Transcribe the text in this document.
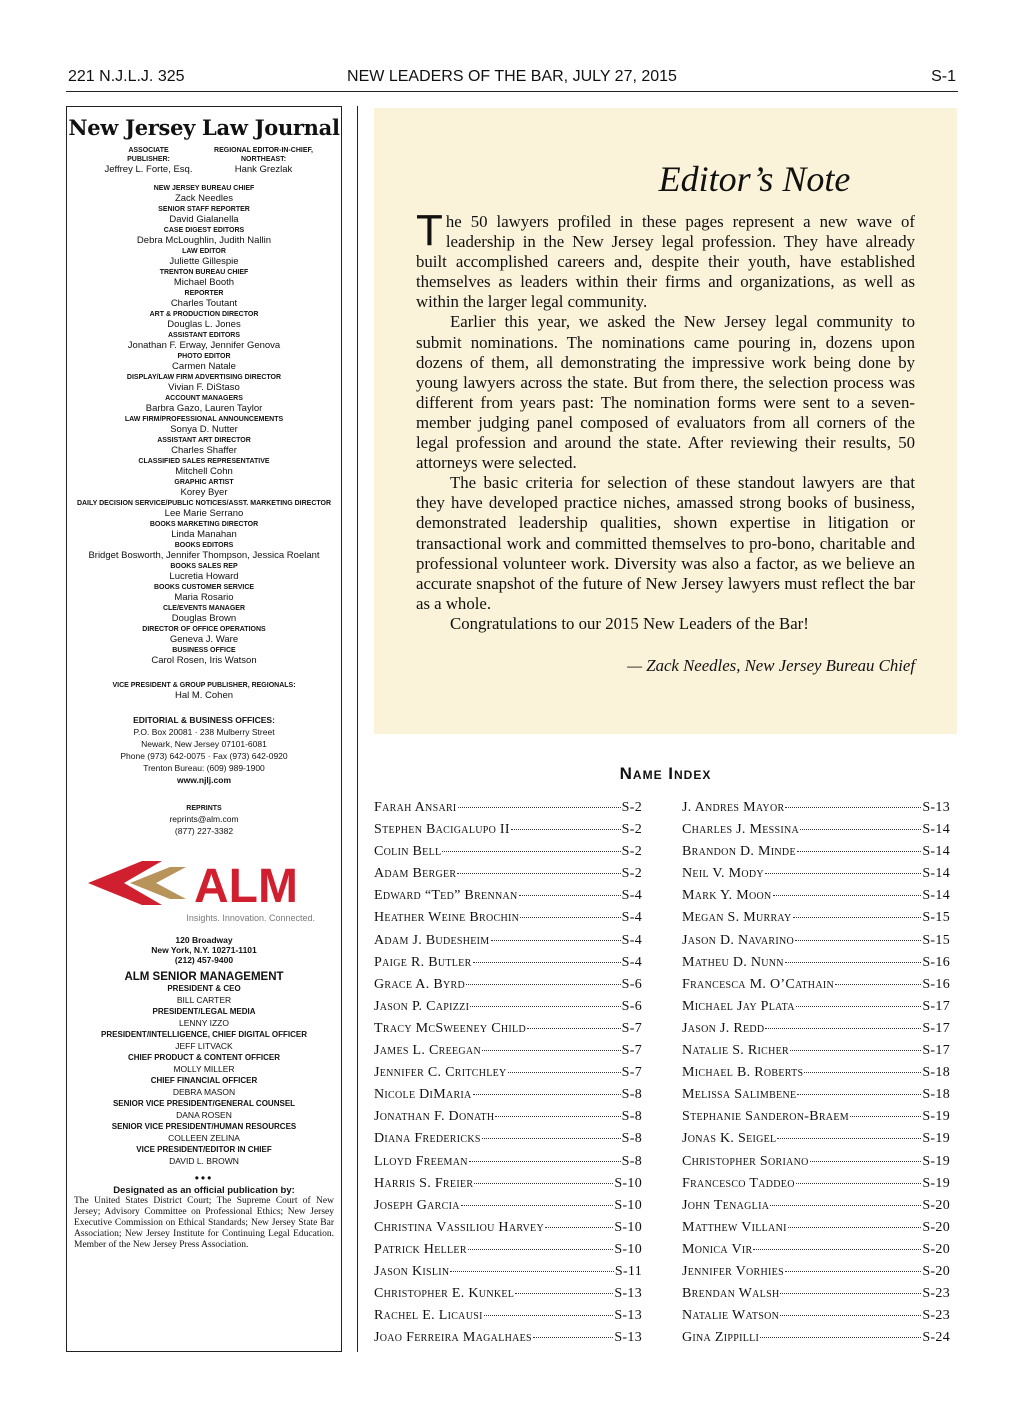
221 N.J.L.J. 325	NEW LEADERS OF THE BAR, JULY 27, 2015	S-1
New Jersey Law Journal
ASSOCIATE
PUBLISHER:
Jeffrey L. Forte, Esq.
REGIONAL EDITOR-IN-CHIEF,
NORTHEAST:
Hank Grezlak
NEW JERSEY BUREAU CHIEF
Zack Needles
SENIOR STAFF REPORTER
David Gialanella
CASE DIGEST EDITORS
Debra McLoughlin, Judith Nallin
LAW EDITOR
Juliette Gillespie
TRENTON BUREAU CHIEF
Michael Booth
REPORTER
Charles Toutant
ART & PRODUCTION DIRECTOR
Douglas L. Jones
ASSISTANT EDITORS
Jonathan F. Erway, Jennifer Genova
PHOTO EDITOR
Carmen Natale
DISPLAY/LAW FIRM ADVERTISING DIRECTOR
Vivian F. DiStaso
ACCOUNT MANAGERS
Barbra Gazo, Lauren Taylor
LAW FIRM/PROFESSIONAL ANNOUNCEMENTS
Sonya D. Nutter
ASSISTANT ART DIRECTOR
Charles Shaffer
CLASSIFIED SALES REPRESENTATIVE
Mitchell Cohn
GRAPHIC ARTIST
Korey Byer
DAILY DECISION SERVICE/PUBLIC NOTICES/ASST. MARKETING DIRECTOR
Lee Marie Serrano
BOOKS MARKETING DIRECTOR
Linda Manahan
BOOKS EDITORS
Bridget Bosworth, Jennifer Thompson, Jessica Roelant
BOOKS SALES REP
Lucretia Howard
BOOKS CUSTOMER SERVICE
Maria Rosario
CLE/EVENTS MANAGER
Douglas Brown
DIRECTOR OF OFFICE OPERATIONS
Geneva J. Ware
BUSINESS OFFICE
Carol Rosen, Iris Watson
VICE PRESIDENT & GROUP PUBLISHER, REGIONALS:
Hal M. Cohen
EDITORIAL & BUSINESS OFFICES:
P.O. Box 20081 · 238 Mulberry Street
Newark, New Jersey 07101-6081
Phone (973) 642-0075 · Fax (973) 642-0920
Trenton Bureau: (609) 989-1900
www.njlj.com
REPRINTS
reprints@alm.com
(877) 227-3382
ALM
Insights. Innovation. Connected.
120 Broadway
New York, N.Y. 10271-1101
(212) 457-9400
ALM SENIOR MANAGEMENT
PRESIDENT & CEO
BILL CARTER
PRESIDENT/LEGAL MEDIA
LENNY IZZO
PRESIDENT/INTELLIGENCE, CHIEF DIGITAL OFFICER
JEFF LITVACK
CHIEF PRODUCT & CONTENT OFFICER
MOLLY MILLER
CHIEF FINANCIAL OFFICER
DEBRA MASON
SENIOR VICE PRESIDENT/GENERAL COUNSEL
DANA ROSEN
SENIOR VICE PRESIDENT/HUMAN RESOURCES
COLLEEN ZELINA
VICE PRESIDENT/EDITOR IN CHIEF
DAVID L. BROWN
•••
Designated as an official publication by:
The United States District Court; The Supreme Court of New Jersey; Advisory Committee on Professional Ethics; New Jersey Executive Commission on Ethical Standards; New Jersey State Bar Association; New Jersey Institute for Continuing Legal Education. Member of the New Jersey Press Association.
Editor’s Note

The 50 lawyers profiled in these pages represent a new wave of leadership in the New Jersey legal profession. They have already built accomplished careers and, despite their youth, have established themselves as leaders within their firms and organizations, as well as within the larger legal community.

Earlier this year, we asked the New Jersey legal community to submit nominations. The nominations came pouring in, dozens upon dozens of them, all demonstrating the impressive work being done by young lawyers across the state. But from there, the selection process was different from years past: The nomination forms were sent to a seven-member judging panel composed of evaluators from all corners of the legal profession and around the state. After reviewing their results, 50 attorneys were selected.

The basic criteria for selection of these standout lawyers are that they have developed practice niches, amassed strong books of business, demonstrated leadership qualities, shown expertise in litigation or transactional work and committed themselves to pro-bono, charitable and professional volunteer work. Diversity was also a factor, as we believe an accurate snapshot of the future of New Jersey lawyers must reflect the bar as a whole.

Congratulations to our 2015 New Leaders of the Bar!

— Zack Needles, New Jersey Bureau Chief
Name Index
Farah Ansari	S-2
Stephen Bacigalupo II	S-2
Colin Bell	S-2
Adam Berger	S-2
Edward “Ted” Brennan	S-4
Heather Weine Brochin	S-4
Adam J. Budesheim	S-4
Paige R. Butler	S-4
Grace A. Byrd	S-6
Jason P. Capizzi	S-6
Tracy McSweeney Child	S-7
James L. Creegan	S-7
Jennifer C. Critchley	S-7
Nicole DiMaria	S-8
Jonathan F. Donath	S-8
Diana Fredericks	S-8
Lloyd Freeman	S-8
Harris S. Freier	S-10
Joseph Garcia	S-10
Christina Vassiliou Harvey	S-10
Patrick Heller	S-10
Jason Kislin	S-11
Christopher E. Kunkel	S-13
Rachel E. Licausi	S-13
Joao Ferreira Magalhaes	S-13
J. Andres Mayor	S-13
Charles J. Messina	S-14
Brandon D. Minde	S-14
Neil V. Mody	S-14
Mark Y. Moon	S-14
Megan S. Murray	S-15
Jason D. Navarino	S-15
Matheu D. Nunn	S-16
Francesca M. O’Cathain	S-16
Michael Jay Plata	S-17
Jason J. Redd	S-17
Natalie S. Richer	S-17
Michael B. Roberts	S-18
Melissa Salimbene	S-18
Stephanie Sanderon-Braem	S-19
Jonas K. Seigel	S-19
Christopher Soriano	S-19
Francesco Taddeo	S-19
John Tenaglia	S-20
Matthew Villani	S-20
Monica Vir	S-20
Jennifer Vorhies	S-20
Brendan Walsh	S-23
Natalie Watson	S-23
Gina Zippilli	S-24
